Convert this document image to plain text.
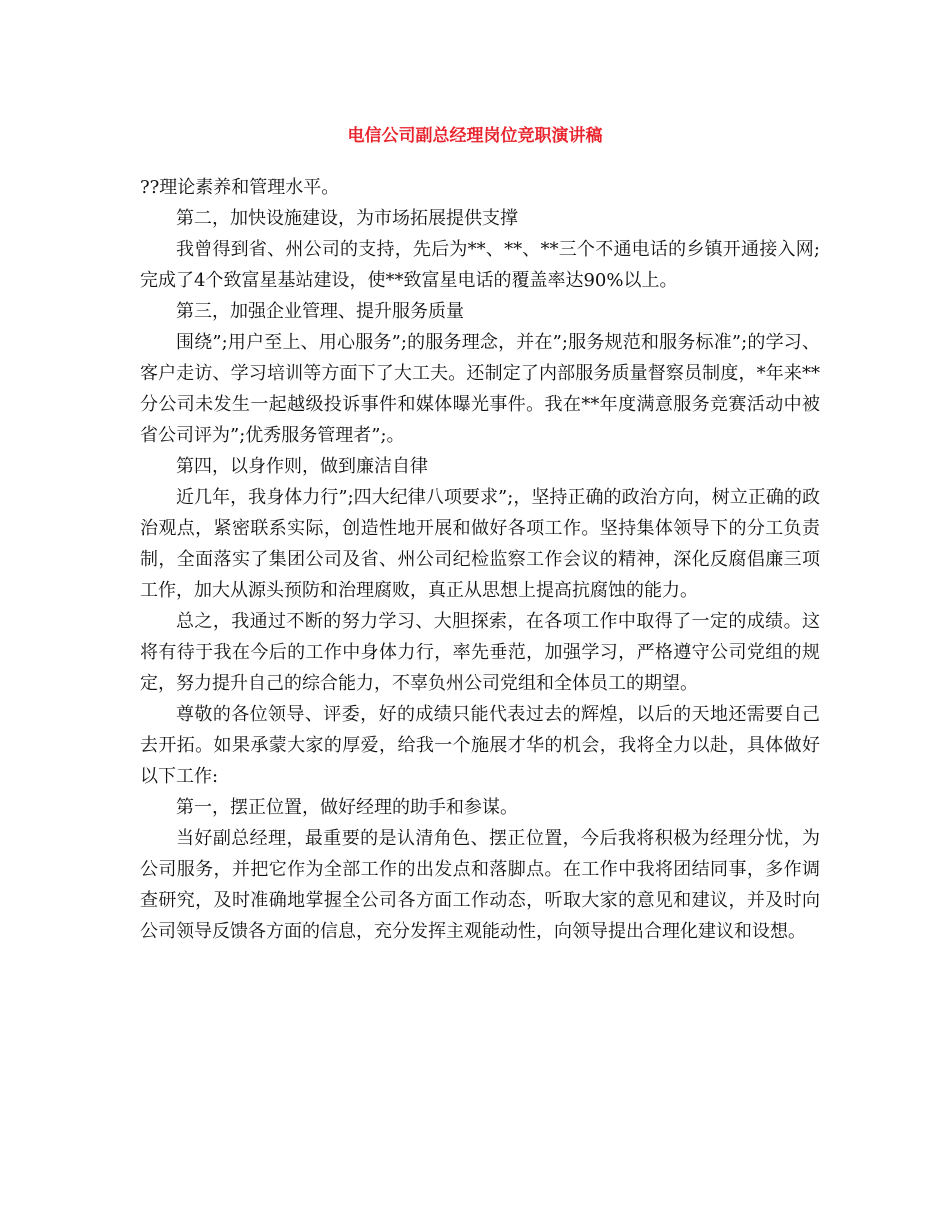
电信公司副总经理岗位竞职演讲稿

??理论素养和管理水平。

第二，加快设施建设，为市场拓展提供支撑

我曾得到省、州公司的支持，先后为**、**、**三个不通电话的乡镇开通接入网;完成了4个致富星基站建设，使**致富星电话的覆盖率达90%以上。

第三，加强企业管理、提升服务质量

围绕”;用户至上、用心服务”;的服务理念，并在”;服务规范和服务标准”;的学习、客户走访、学习培训等方面下了大工夫。还制定了内部服务质量督察员制度，*年来**分公司未发生一起越级投诉事件和媒体曝光事件。我在**年度满意服务竞赛活动中被省公司评为”;优秀服务管理者”;。

第四，以身作则，做到廉洁自律

近几年，我身体力行”;四大纪律八项要求”;，坚持正确的政治方向，树立正确的政治观点，紧密联系实际，创造性地开展和做好各项工作。坚持集体领导下的分工负责制，全面落实了集团公司及省、州公司纪检监察工作会议的精神，深化反腐倡廉三项工作，加大从源头预防和治理腐败，真正从思想上提高抗腐蚀的能力。

总之，我通过不断的努力学习、大胆探索，在各项工作中取得了一定的成绩。这将有待于我在今后的工作中身体力行，率先垂范，加强学习，严格遵守公司党组的规定，努力提升自己的综合能力，不辜负州公司党组和全体员工的期望。

尊敬的各位领导、评委，好的成绩只能代表过去的辉煌，以后的天地还需要自己去开拓。如果承蒙大家的厚爱，给我一个施展才华的机会，我将全力以赴，具体做好以下工作:

第一，摆正位置，做好经理的助手和参谋。

当好副总经理，最重要的是认清角色、摆正位置，今后我将积极为经理分忧，为公司服务，并把它作为全部工作的出发点和落脚点。在工作中我将团结同事，多作调查研究，及时准确地掌握全公司各方面工作动态，听取大家的意见和建议，并及时向公司领导反馈各方面的信息，充分发挥主观能动性，向领导提出合理化建议和设想。
